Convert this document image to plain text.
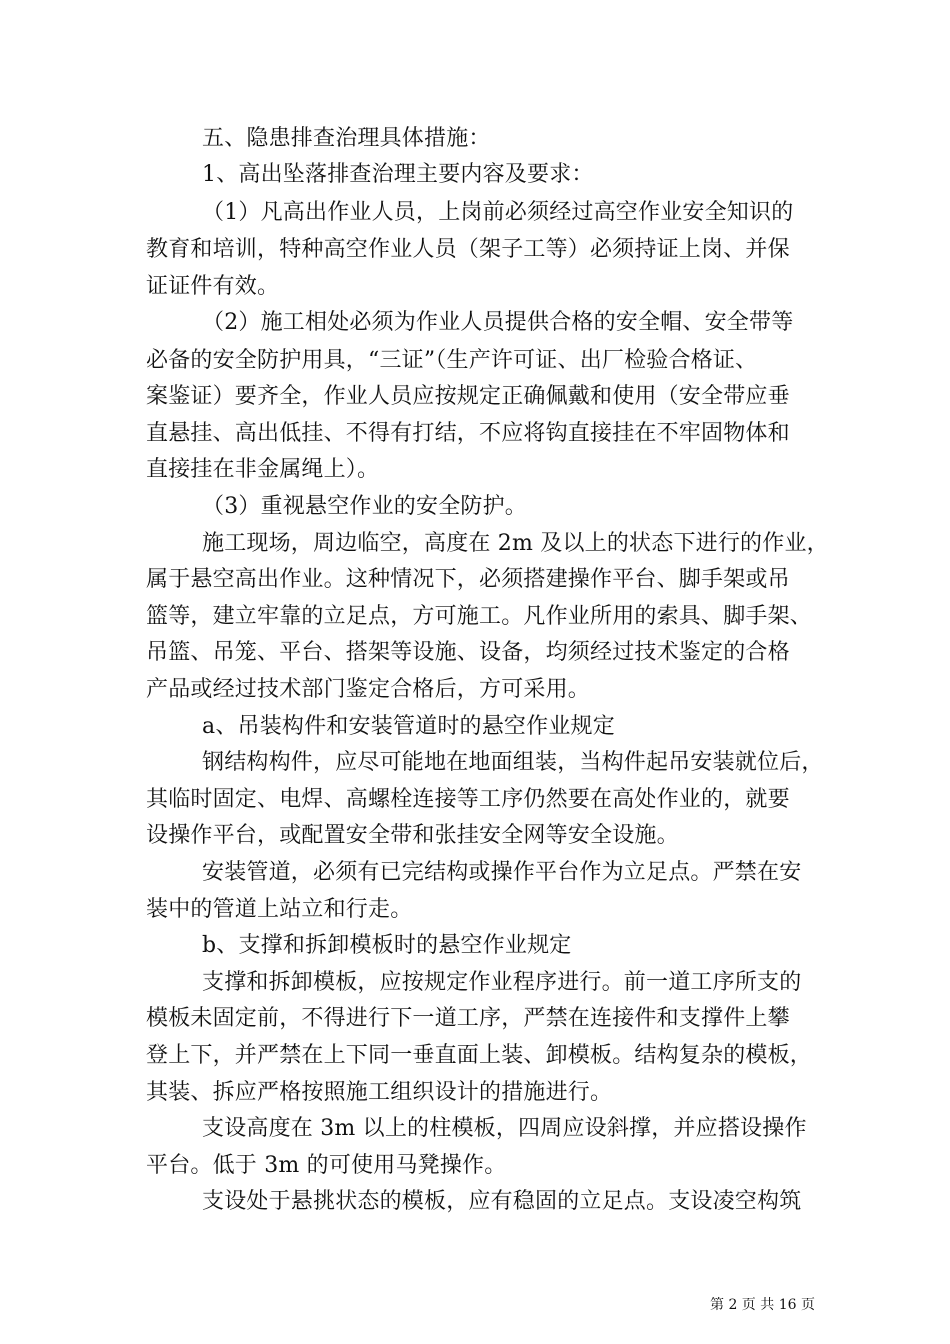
五、隐患排查治理具体措施：
1、高出坠落排查治理主要内容及要求：
（1）凡高出作业人员，上岗前必须经过高空作业安全知识的
教育和培训，特种高空作业人员（架子工等）必须持证上岗、并保
证证件有效。
（2）施工相处必须为作业人员提供合格的安全帽、安全带等
必备的安全防护用具，“三证”（生产许可证、出厂检验合格证、
案鉴证）要齐全，作业人员应按规定正确佩戴和使用（安全带应垂
直悬挂、高出低挂、不得有打结，不应将钩直接挂在不牢固物体和
直接挂在非金属绳上）。
（3）重视悬空作业的安全防护。
施工现场，周边临空，高度在 2m 及以上的状态下进行的作业，
属于悬空高出作业。这种情况下，必须搭建操作平台、脚手架或吊
篮等，建立牢靠的立足点，方可施工。凡作业所用的索具、脚手架、
吊篮、吊笼、平台、搭架等设施、设备，均须经过技术鉴定的合格
产品或经过技术部门鉴定合格后，方可采用。
a、吊装构件和安装管道时的悬空作业规定
钢结构构件，应尽可能地在地面组装，当构件起吊安装就位后，
其临时固定、电焊、高螺栓连接等工序仍然要在高处作业的，就要
设操作平台，或配置安全带和张挂安全网等安全设施。
安装管道，必须有已完结构或操作平台作为立足点。严禁在安
装中的管道上站立和行走。
b、支撑和拆卸模板时的悬空作业规定
支撑和拆卸模板，应按规定作业程序进行。前一道工序所支的
模板未固定前，不得进行下一道工序，严禁在连接件和支撑件上攀
登上下，并严禁在上下同一垂直面上装、卸模板。结构复杂的模板，
其装、拆应严格按照施工组织设计的措施进行。
支设高度在 3m 以上的柱模板，四周应设斜撑，并应搭设操作
平台。低于 3m 的可使用马凳操作。
支设处于悬挑状态的模板，应有稳固的立足点。支设凌空构筑
第 2 页 共 16 页
